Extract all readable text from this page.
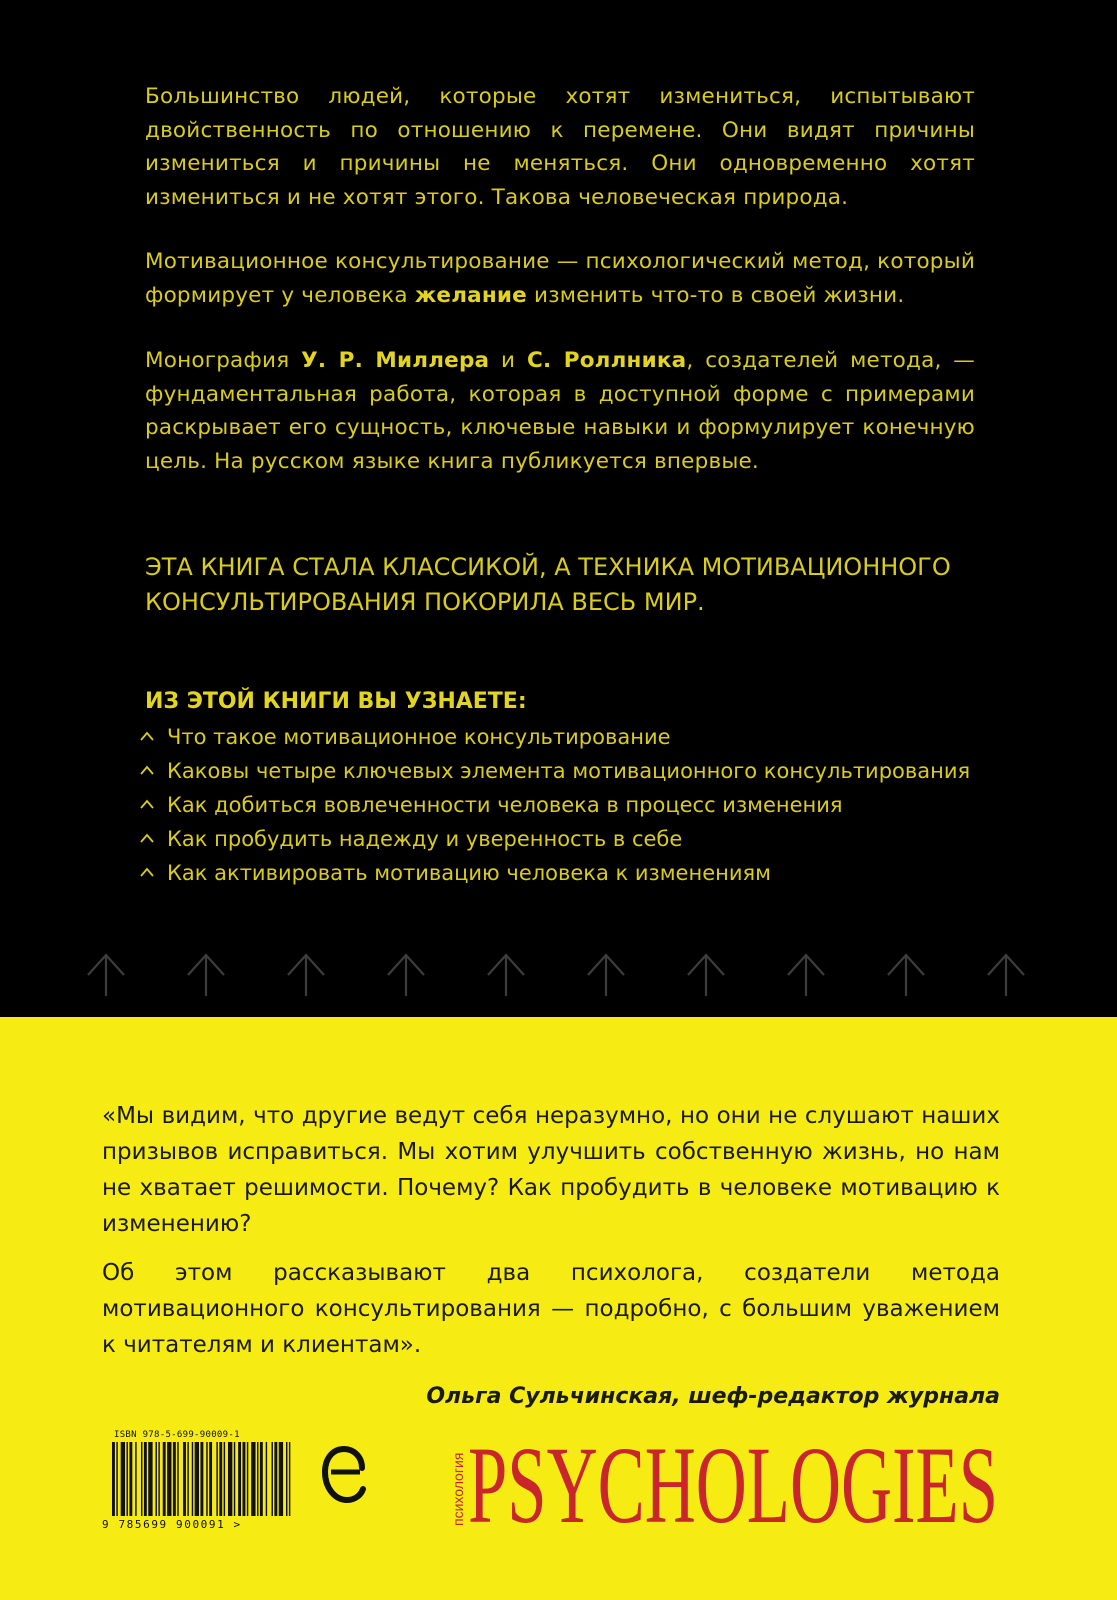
Большинство людей, которые хотят измениться, испытывают двойственность по отношению к перемене. Они видят причины измениться и причины не меняться. Они одновременно хотят измениться и не хотят этого. Такова человеческая природа.

Мотивационное консультирование — психологический метод, который формирует у человека желание изменить что-то в своей жизни.

Монография У. Р. Миллера и С. Роллника, создателей метода, — фундаментальная работа, которая в доступной форме с примерами раскрывает его сущность, ключевые навыки и формулирует конечную цель. На русском языке книга публикуется впервые.

ЭТА КНИГА СТАЛА КЛАССИКОЙ, А ТЕХНИКА МОТИВАЦИОННОГО
КОНСУЛЬТИРОВАНИЯ ПОКОРИЛА ВЕСЬ МИР.

ИЗ ЭТОЙ КНИГИ ВЫ УЗНАЕТЕ:

Что такое мотивационное консультирование
Каковы четыре ключевых элемента мотивационного консультирования
Как добиться вовлеченности человека в процесс изменения
Как пробудить надежду и уверенность в себе
Как активировать мотивацию человека к изменениям

«Мы видим, что другие ведут себя неразумно, но они не слушают наших призывов исправиться. Мы хотим улучшить собственную жизнь, но нам не хватает решимости. Почему? Как пробудить в человеке мотивацию к изменению?

Об этом рассказывают два психолога, создатели метода мотивационного консультирования — подробно, с большим уважением к читателям и клиентам».

Ольга Сульчинская, шеф-редактор журнала

ISBN 978-5-699-90009-1
9 785699 900091 >	психология PSYCHOLOGIES
